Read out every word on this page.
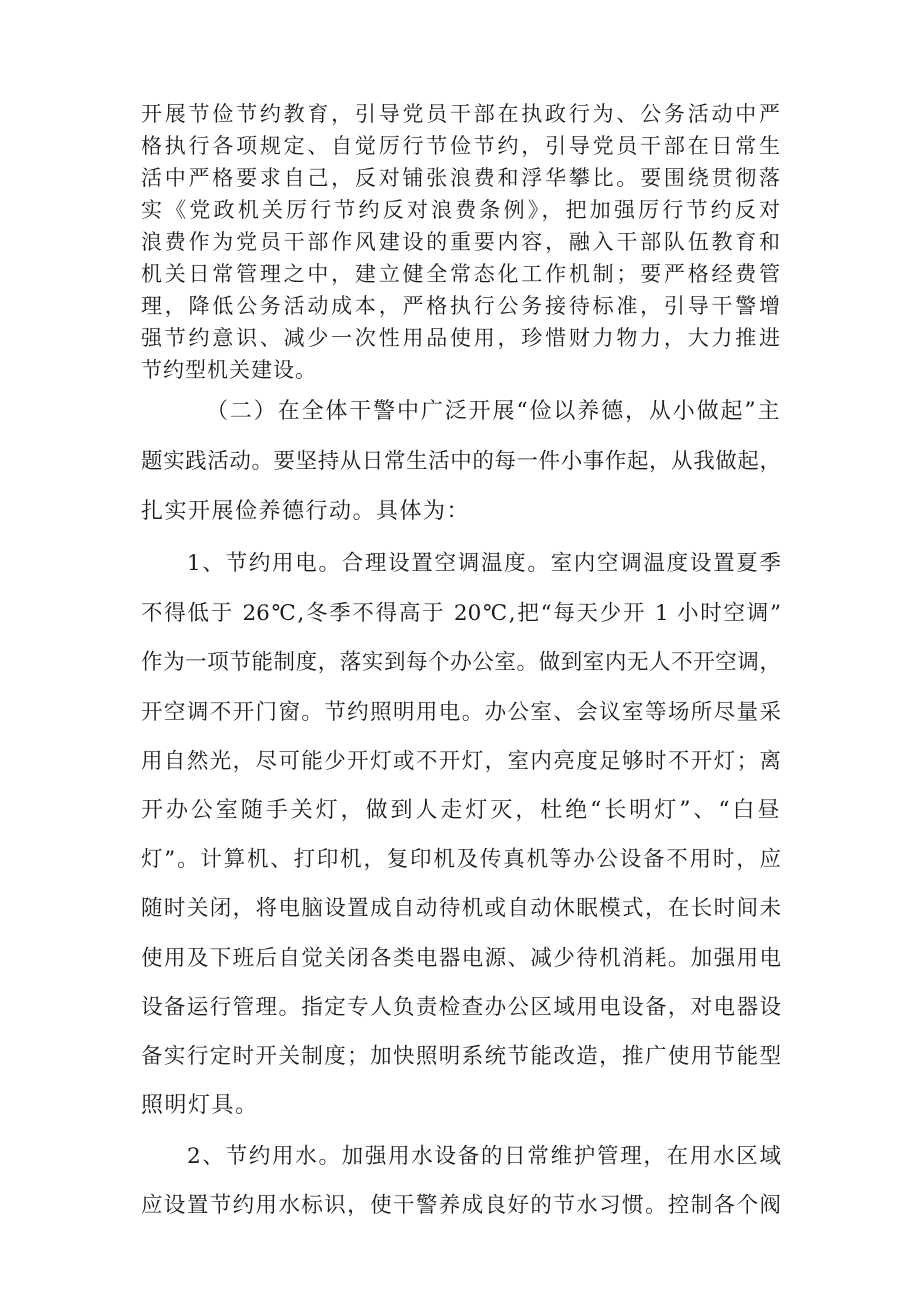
开展节俭节约教育，引导党员干部在执政行为、公务活动中严
格执行各项规定、自觉厉行节俭节约，引导党员干部在日常生
活中严格要求自己，反对铺张浪费和浮华攀比。要围绕贯彻落
实《党政机关厉行节约反对浪费条例》，把加强厉行节约反对
浪费作为党员干部作风建设的重要内容，融入干部队伍教育和
机关日常管理之中，建立健全常态化工作机制；要严格经费管
理，降低公务活动成本，严格执行公务接待标准，引导干警增
强节约意识、减少一次性用品使用，珍惜财力物力，大力推进
节约型机关建设。
（二）在全体干警中广泛开展“俭以养德，从小做起”主
题实践活动。要坚持从日常生活中的每一件小事作起，从我做起，
扎实开展俭养德行动。具体为：
1、节约用电。合理设置空调温度。室内空调温度设置夏季
不得低于 26℃,冬季不得高于 20℃,把“每天少开 1 小时空调”
作为一项节能制度，落实到每个办公室。做到室内无人不开空调，
开空调不开门窗。节约照明用电。办公室、会议室等场所尽量采
用自然光，尽可能少开灯或不开灯，室内亮度足够时不开灯；离
开办公室随手关灯，做到人走灯灭，杜绝“长明灯”、“白昼
灯”。计算机、打印机，复印机及传真机等办公设备不用时，应
随时关闭，将电脑设置成自动待机或自动休眠模式，在长时间未
使用及下班后自觉关闭各类电器电源、减少待机消耗。加强用电
设备运行管理。指定专人负责检查办公区域用电设备，对电器设
备实行定时开关制度；加快照明系统节能改造，推广使用节能型
照明灯具。
2、节约用水。加强用水设备的日常维护管理，在用水区域
应设置节约用水标识，使干警养成良好的节水习惯。控制各个阀
